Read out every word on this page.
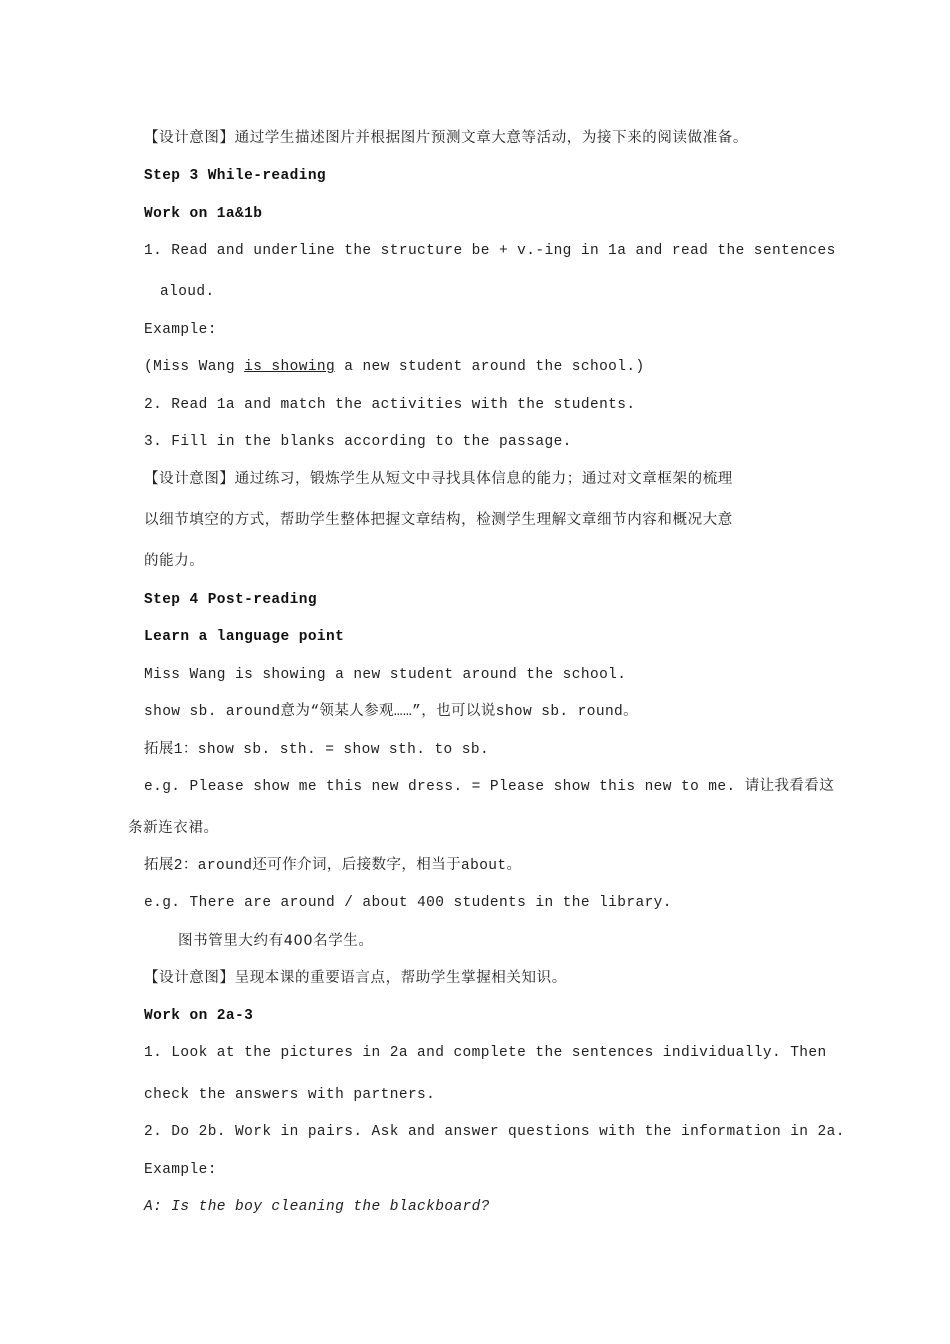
【设计意图】通过学生描述图片并根据图片预测文章大意等活动，为接下来的阅读做准备。
Step 3 While-reading
Work on 1a&1b
1. Read and underline the structure be + v.-ing in 1a and read the sentences
aloud.
Example:
(Miss Wang is showing a new student around the school.)
2. Read 1a and match the activities with the students.
3. Fill in the blanks according to the passage.
【设计意图】通过练习，锻炼学生从短文中寻找具体信息的能力；通过对文章框架的梳理
以细节填空的方式，帮助学生整体把握文章结构，检测学生理解文章细节内容和概况大意
的能力。
Step 4 Post-reading
Learn a language point
Miss Wang is showing a new student around the school.
show sb. around意为“领某人参观……”，也可以说show sb. round。
拓展1：show sb. sth. = show sth. to sb.
e.g. Please show me this new dress. = Please show this new to me. 请让我看看这
条新连衣裙。
拓展2：around还可作介词，后接数字，相当于about。
e.g. There are around / about 400 students in the library.
图书管里大约有400名学生。
【设计意图】呈现本课的重要语言点，帮助学生掌握相关知识。
Work on 2a-3
1. Look at the pictures in 2a and complete the sentences individually. Then
check the answers with partners.
2. Do 2b. Work in pairs. Ask and answer questions with the information in 2a.
Example:
A: Is the boy cleaning the blackboard?
